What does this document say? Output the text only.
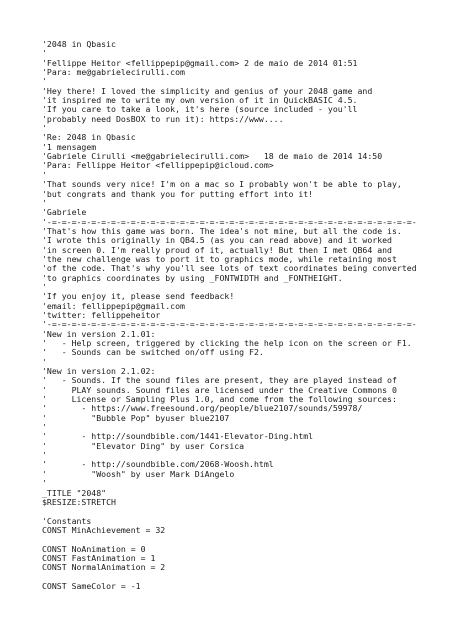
'2048 in Qbasic
'
'Fellippe Heitor <fellippepip@gmail.com> 2 de maio de 2014 01:51
'Para: me@gabrielecirulli.com
'
'Hey there! I loved the simplicity and genius of your 2048 game and
'it inspired me to write my own version of it in QuickBASIC 4.5.
'If you care to take a look, it's here (source included - you'll
'probably need DosBOX to run it): https://www....
'
'Re: 2048 in Qbasic
'1 mensagem
'Gabriele Cirulli <me@gabrielecirulli.com>   18 de maio de 2014 14:50
'Para: Fellippe Heitor <fellippepip@icloud.com>
'
'That sounds very nice! I'm on a mac so I probably won't be able to play,
'but congrats and thank you for putting effort into it!
'
'Gabriele
'-=-=-=-=-=-=-=-=-=-=-=-=-=-=-=-=-=-=-=-=-=-=-=-=-=-=-=-=-=-=-=-=-=-=-=-=-=-
'That's how this game was born. The idea's not mine, but all the code is.
'I wrote this originally in QB4.5 (as you can read above) and it worked
'in screen 0. I'm really proud of it, actually! But then I met QB64 and
'the new challenge was to port it to graphics mode, while retaining most
'of the code. That's why you'll see lots of text coordinates being converted
'to graphics coordinates by using _FONTWIDTH and _FONTHEIGHT.
'
'If you enjoy it, please send feedback!
'email: fellippepip@gmail.com
'twitter: fellippeheitor
'-=-=-=-=-=-=-=-=-=-=-=-=-=-=-=-=-=-=-=-=-=-=-=-=-=-=-=-=-=-=-=-=-=-=-=-=-=-
'New in version 2.1.01:
'   - Help screen, triggered by clicking the help icon on the screen or F1.
'   - Sounds can be switched on/off using F2.
'
'New in version 2.1.02:
'   - Sounds. If the sound files are present, they are played instead of
'     PLAY sounds. Sound files are licensed under the Creative Commons 0
'     License or Sampling Plus 1.0, and come from the following sources:
'       - https://www.freesound.org/people/blue2107/sounds/59978/
'         "Bubble Pop" byuser blue2107
'
'       - http://soundbible.com/1441-Elevator-Ding.html
'         "Elevator Ding" by user Corsica
'
'       - http://soundbible.com/2068-Woosh.html
'         "Woosh" by user Mark DiAngelo
'
_TITLE "2048"
$RESIZE:STRETCH
'Constants
CONST MinAchievement = 32
CONST NoAnimation = 0
CONST FastAnimation = 1
CONST NormalAnimation = 2
CONST SameColor = -1
